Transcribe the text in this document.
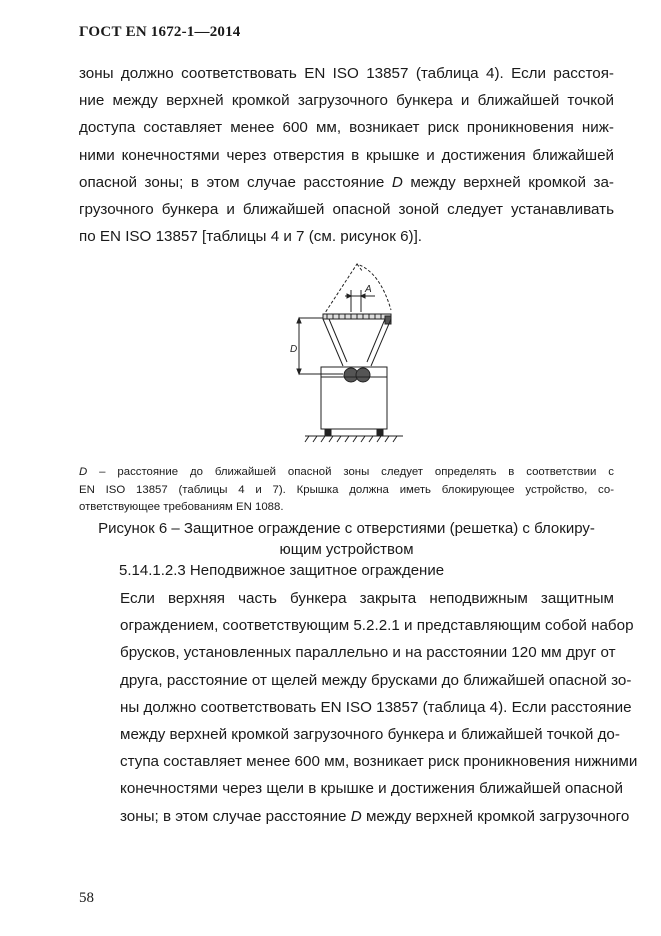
ГОСТ EN 1672-1—2014
зоны должно соответствовать EN ISO 13857 (таблица 4). Если расстоя-
ние между верхней кромкой загрузочного бункера и ближайшей точкой
доступа составляет менее 600 мм, возникает риск проникновения ниж-
ними конечностями через отверстия в крышке и достижения ближайшей
опасной зоны; в этом случае расстояние D между верхней кромкой за-
грузочного бункера и ближайшей опасной зоной следует устанавливать
по EN ISO 13857 [таблицы 4 и 7 (см. рисунок 6)].
A
D
D – расстояние до ближайшей опасной зоны следует определять в соответствии с
EN ISO 13857 (таблицы 4 и 7). Крышка должна иметь блокирующее устройство, со-
ответствующее требованиям EN 1088.
Рисунок 6 – Защитное ограждение с отверстиями (решетка) с блокиру-
ющим устройством
5.14.1.2.3 Неподвижное защитное ограждение
Если верхняя часть бункера закрыта неподвижным защитным
ограждением, соответствующим 5.2.2.1 и представляющим собой набор
брусков, установленных параллельно и на расстоянии 120 мм друг от
друга, расстояние от щелей между брусками до ближайшей опасной зо-
ны должно соответствовать EN ISO 13857 (таблица 4). Если расстояние
между верхней кромкой загрузочного бункера и ближайшей точкой до-
ступа составляет менее 600 мм, возникает риск проникновения нижними
конечностями через щели в крышке и достижения ближайшей опасной
зоны; в этом случае расстояние D между верхней кромкой загрузочного
58
